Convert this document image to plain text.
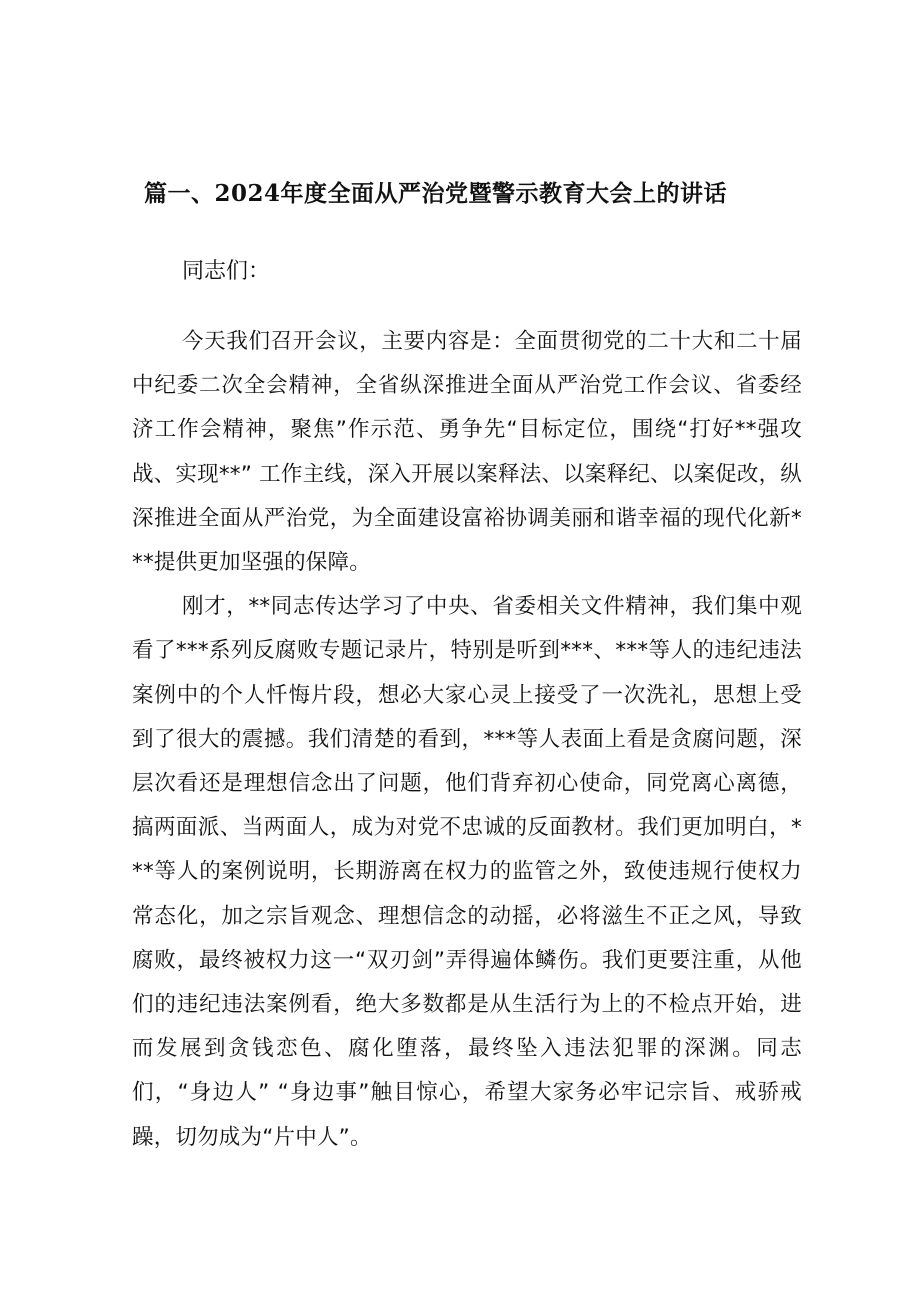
篇一、2024年度全面从严治党暨警示教育大会上的讲话

同志们：

今天我们召开会议，主要内容是：全面贯彻党的二十大和二十届中纪委二次全会精神，全省纵深推进全面从严治党工作会议、省委经济工作会精神，聚焦”作示范、勇争先“目标定位，围绕“打好**强攻战、实现**” 工作主线，深入开展以案释法、以案释纪、以案促改，纵深推进全面从严治党，为全面建设富裕协调美丽和谐幸福的现代化新***提供更加坚强的保障。

刚才，**同志传达学习了中央、省委相关文件精神，我们集中观看了***系列反腐败专题记录片，特别是听到***、***等人的违纪违法案例中的个人忏悔片段，想必大家心灵上接受了一次洗礼，思想上受到了很大的震撼。我们清楚的看到，***等人表面上看是贪腐问题，深层次看还是理想信念出了问题，他们背弃初心使命，同党离心离德，搞两面派、当两面人，成为对党不忠诚的反面教材。我们更加明白，***等人的案例说明，长期游离在权力的监管之外，致使违规行使权力常态化，加之宗旨观念、理想信念的动摇，必将滋生不正之风，导致腐败，最终被权力这一“双刃剑”弄得遍体鳞伤。我们更要注重，从他们的违纪违法案例看，绝大多数都是从生活行为上的不检点开始，进而发展到贪钱恋色、腐化堕落，最终坠入违法犯罪的深渊。同志们，“身边人” “身边事”触目惊心，希望大家务必牢记宗旨、戒骄戒躁，切勿成为“片中人”。
